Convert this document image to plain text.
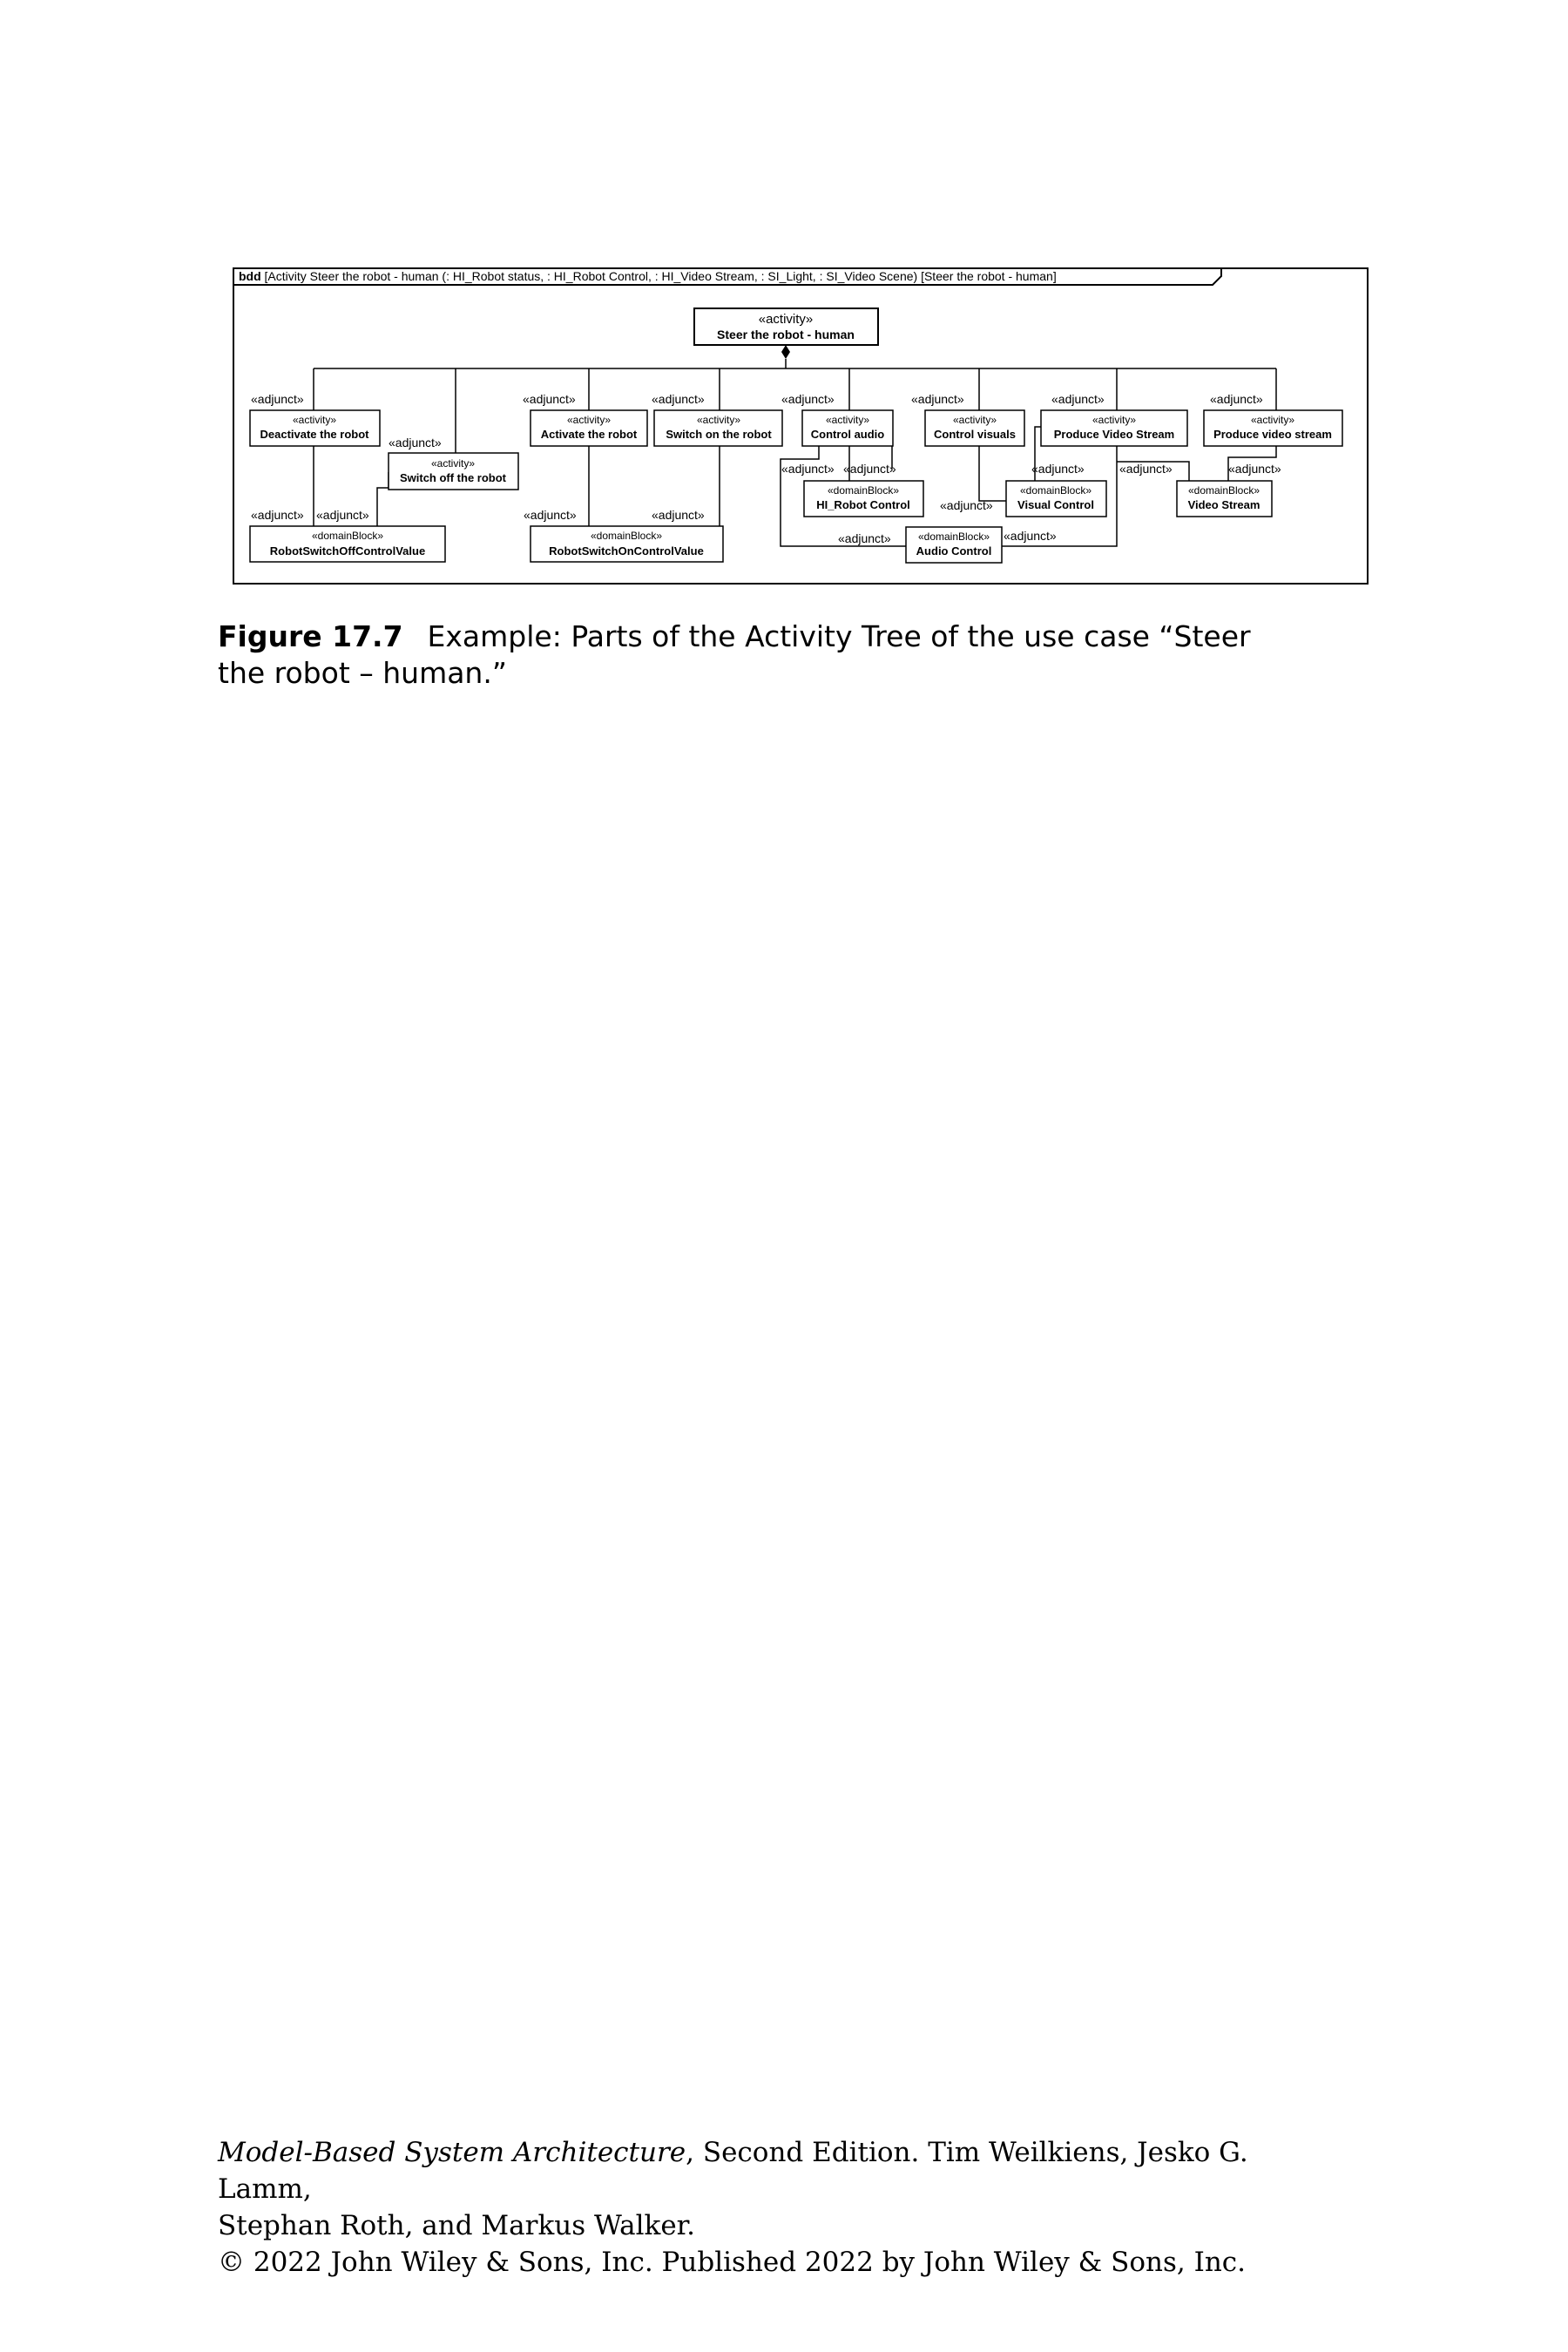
bdd [Activity Steer the robot - human (: HI_Robot status, : HI_Robot Control, : HI_Video Stream, : SI_Light, : SI_Video Scene) [Steer the robot - human]
«activity»
Steer the robot - human
«activity»
Deactivate the robot
«activity»
Switch off the robot
«activity»
Activate the robot
«activity»
Switch on the robot
«activity»
Control audio
«activity»
Control visuals
«activity»
Produce Video Stream
«activity»
Produce video stream
«domainBlock»
RobotSwitchOffControlValue
«domainBlock»
RobotSwitchOnControlValue
«domainBlock»
HI_Robot Control
«domainBlock»
Visual Control
«domainBlock»
Video Stream
«domainBlock»
Audio Control
«adjunct»
«adjunct»
«adjunct»	«adjunct»	«adjunct»	«adjunct»	«adjunct»	«adjunct»
«adjunct» «adjunct»	«adjunct»	«adjunct»
«adjunct» «adjunct»
«adjunct»
«adjunct»	«adjunct»	«adjunct»
«adjunct»	«adjunct»
Figure 17.7 Example: Parts of the Activity Tree of the use case “Steer the robot – human.”
Model-Based System Architecture, Second Edition. Tim Weilkiens, Jesko G. Lamm,
Stephan Roth, and Markus Walker.
© 2022 John Wiley & Sons, Inc. Published 2022 by John Wiley & Sons, Inc.
